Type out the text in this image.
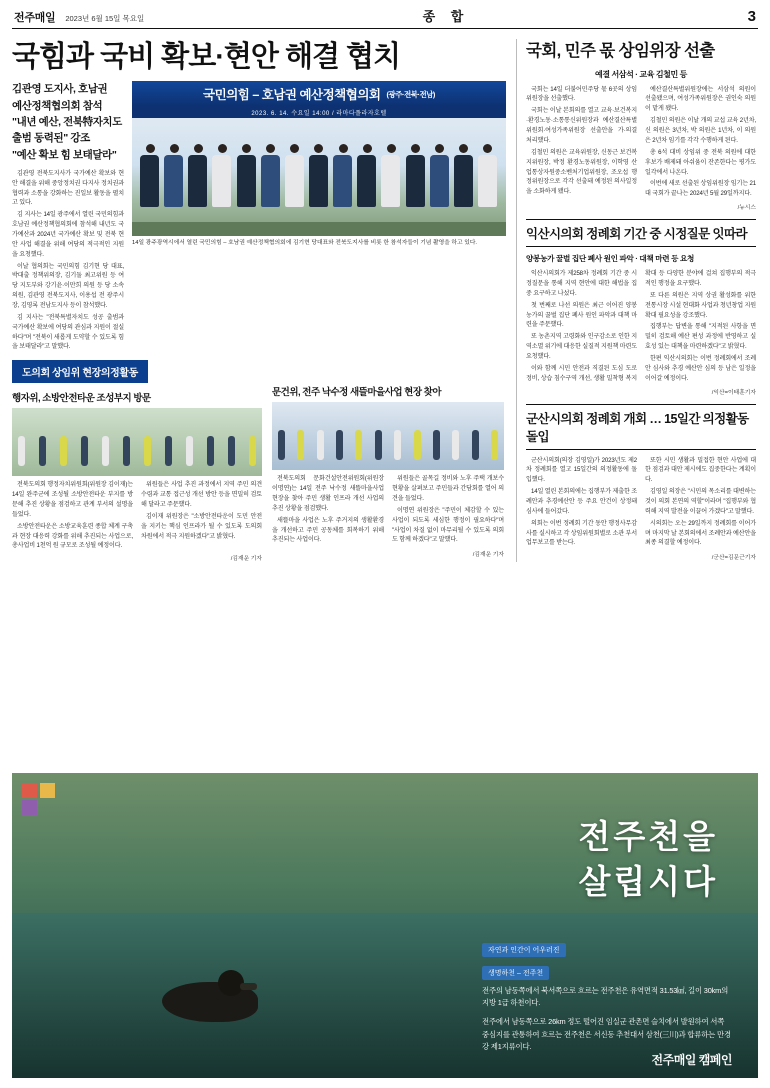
전주매일 2023년 6월 15일 목요일	종 합	3
국힘과 국비 확보·현안 해결 협치
김관영 도지사, 호남권
예산정책협의회 참석
"내년 예산, 전북特자치도
출범 동력된" 강조
"예산 확보 힘 보태달라"

김관영 전북도지사가 국가예산 확보와 현안 해결을 위해 중앙정치권 다지사 정치권과 협력과 소통을 강화하는 진일보 활동을 펼치고 있다.

김 지사는 14일 광주에서 열린 국민의힘과 호남권 예산정책협의회에 참석해 내년도 국가예산과 2024년 국가예산 확보 및 전북 현안 사업 해결을 위해 여당의 적극적인 지원을 요청했다.

이날 협의회는 국민의힘 김기현 당 대표, 박대출 정책위의장, 김기둘 최고위원 등 여당 지도부와 강기윤·이만희 의원 등 당 소속 의원, 김관영 전북도지사, 이용섭 전 광주시장, 김영록 전남도지사 등이 참석했다.

김 지사는 "전북특별자치도 성공 출범과 국가예산 확보에 여당의 관심과 지원이 절실하다"며 "전북이 새롭게 도약할 수 있도록 힘을 보태달라"고 말했다.

국민의힘 – 호남권 예산정책협의회 (광주·전북·전남)
2023. 6. 14. 수요일 14:00 / 라마다플라자호텔
14일 광주광역시에서 열린 국민의힘 – 호남권 예산정책협의회에 김기현 당대표와 전북도지사를 비롯 한 참석자들이 기념 촬영을 하고 있다.
도의회 상임위 현장의정활동
행자위, 소방안전타운 조성부지 방문

전북도의회 행정자치위원회(위원장 김이재)는 14일 완주군에 조성될 소방안전타운 부지를 방문해 추진 상황을 점검하고 관계 부서의 설명을 들었다.

소방안전타운은 소방교육훈련 종합 체계 구축과 현장 대응력 강화를 위해 추진되는 사업으로, 총사업비 1천억 원 규모로 조성될 예정이다.

위원들은 사업 추진 과정에서 지역 주민 의견 수렴과 교통 접근성 개선 방안 등을 면밀히 검토해 달라고 주문했다.

김이재 위원장은 "소방안전타운이 도민 안전을 지키는 핵심 인프라가 될 수 있도록 도의회 차원에서 적극 지원하겠다"고 밝혔다.

/김재운 기자
문건위, 전주 낙수정 새뜰마을사업 현장 찾아

전북도의회 문화건설안전위원회(위원장 이명연)는 14일 전주 낙수정 새뜰마을사업 현장을 찾아 주민 생활 인프라 개선 사업의 추진 상황을 점검했다.

새뜰마을 사업은 노후 주거지의 생활환경을 개선하고 주민 공동체를 회복하기 위해 추진되는 사업이다.

위원들은 골목길 정비와 노후 주택 개보수 현황을 살펴보고 주민들과 간담회를 열어 의견을 들었다.

이명연 위원장은 "주민이 체감할 수 있는 사업이 되도록 세심한 행정이 필요하다"며 "사업이 차질 없이 마무리될 수 있도록 의회도 함께 하겠다"고 말했다.

/김재운 기자
국회, 민주 몫 상임위장 선출
예결 서삼석 · 교육 김철민 등

국회는 14일 더불어민주당 몫 6곳의 상임위원장을 선출했다.

국회는 이날 본회의를 열고 교육·보건복지·환경노동·소통통신위원장과 예산결산특별위원회·여성가족위원장 선출안을 가·의결 처리했다.

김철민 의원은 교육위원장, 신동근 보건복지위원장, 박정 환경노동위원장, 이학영 산업통상자원중소벤처기업위원장, 조오섭 행정위원장으로 각각 선출돼 예정된 의사일정을 소화하게 됐다.

예산결산특별위원장에는 서삼석 의원이 선출됐으며, 여성가족위원장은 권인숙 의원이 맡게 됐다.

김철민 의원은 이날 개의 교섭 교육 2년차, 신 의원은 3년차, 박 의원은 1년차, 이 의원은 2년차 임기를 각각 수행하게 된다.

총 6석 대비 상임위 중 전북 의원에 대한 후보가 배제돼 아쉬움이 잔존한다는 평가도 일각에서 나온다.

이번에 새로 선출된 상임위원장 임기는 21대 국회가 끝나는 2024년 5월 29일까지다.

/뉴시스
익산시의회 정례회 기간 중 시정질문 잇따라
양봉농가 꿀벌 집단 폐사 원인 파악 · 대책 마련 등 요청

익산시의회가 제258차 정례회 기간 중 시정질문을 통해 지역 현안에 대한 해법을 집중 요구하고 나섰다.

첫 번째로 나선 의원은 최근 이어진 양봉농가의 꿀벌 집단 폐사 원인 파악과 대책 마련을 주문했다.

또 농촌지역 고령화와 인구감소로 인한 지역소멸 위기에 대응한 실질적 지원책 마련도 요청했다.

이와 함께 시민 안전과 직결된 도심 도로 정비, 상습 침수구역 개선, 생활 밀착형 복지 확대 등 다양한 분야에 걸쳐 집행부의 적극적인 행정을 요구했다.

또 다른 의원은 지역 상권 활성화를 위한 전통시장 시설 현대화 사업과 청년창업 지원 확대 필요성을 강조했다.

집행부는 답변을 통해 "지적된 사항을 면밀히 검토해 예산 편성 과정에 반영하고 실효성 있는 대책을 마련하겠다"고 밝혔다.

한편 익산시의회는 이번 정례회에서 조례안 심사와 추경 예산안 심의 등 남은 일정을 이어갈 예정이다.

/익산=이태훈기자
군산시의회 정례회 개회 … 15일간 의정활동 돌입

군산시의회(의장 김영일)가 2023년도 제2차 정례회를 열고 15일간의 의정활동에 돌입했다.

14일 열린 본회의에는 집행부가 제출한 조례안과 추경예산안 등 주요 안건이 상정돼 심사에 들어갔다.

의회는 이번 정례회 기간 동안 행정사무감사를 실시하고 각 상임위원회별로 소관 부서 업무보고를 받는다.

또한 시민 생활과 밀접한 현안 사업에 대한 점검과 대안 제시에도 집중한다는 계획이다.

김영일 의장은 "시민의 목소리를 대변하는 것이 의회 본연의 역할"이라며 "집행부와 협력해 지역 발전을 이끌어 가겠다"고 말했다.

시의회는 오는 29일까지 정례회를 이어가며 마지막 날 본회의에서 조례안과 예산안을 최종 의결할 예정이다.

/군산=김문근기자
전주천을
살립시다
자연과 인간이 어우러진
생명하천 – 전주천

전주의 남동쪽에서 북서쪽으로 흐르는 전주천은 유역면적 31.53㎢, 길이 30km의 지방 1급 하천이다.

전주에서 남동쪽으로 26km 정도 떨어진 임실군 관촌면 슬치에서 발원하여 서쪽 중심지를 관통하여 흐르는 전주천은 서신동 추천대서 삼천(三川)과 합류하는 만경강 제1지류이다.

전주매일 캠페인
